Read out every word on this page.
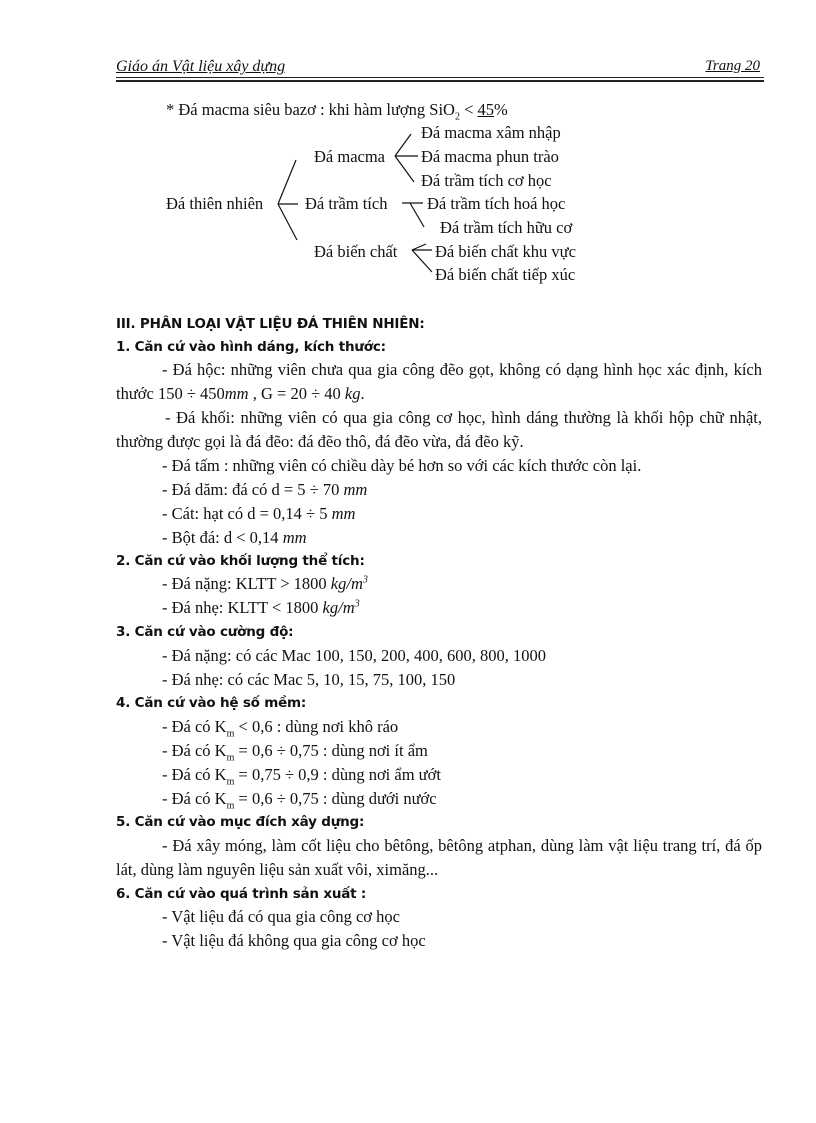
Giáo án Vật liệu xây dựng	Trang 20
* Đá macma siêu bazơ : khi hàm lượng SiO$_2$ < 45%
Đá thiên nhiên
Đá macma
Đá macma xâm nhập
Đá macma phun trào
Đá trầm tích cơ học
Đá trầm tích Đá trầm tích hoá học
Đá trầm tích hữu cơ
Đá biến chất Đá biến chất khu vực
Đá biến chất tiếp xúc
III. PHÂN LOẠI VẬT LIỆU ĐÁ THIÊN NHIÊN:
1. Căn cứ vào hình dáng, kích thước:
- Đá hộc: những viên chưa qua gia công đẽo gọt, không có dạng hình học xác định, kích thước 150 ÷ 450mm , G = 20 ÷ 40 kg.
- Đá khối: những viên có qua gia công cơ học, hình dáng thường là khối hộp chữ nhật, thường được gọi là đá đẽo: đá đẽo thô, đá đẽo vừa, đá đẽo kỹ.
- Đá tấm : những viên có chiều dày bé hơn so với các kích thước còn lại.
- Đá dăm: đá có d = 5 ÷ 70 mm
- Cát: hạt có d = 0,14 ÷ 5 mm
- Bột đá: d < 0,14 mm
2. Căn cứ vào khối lượng thể tích:
- Đá nặng: KLTT > 1800 $kg/m^3$
- Đá nhẹ: KLTT < 1800 $kg/m^3$
3. Căn cứ vào cường độ:
- Đá nặng: có các Mac 100, 150, 200, 400, 600, 800, 1000
- Đá nhẹ: có các Mac 5, 10, 15, 75, 100, 150
4. Căn cứ vào hệ số mềm:
- Đá có $K_m < 0,6$ : dùng nơi khô ráo
- Đá có $K_m = 0,6 \div 0,75$ : dùng nơi ít ẩm
- Đá có $K_m = 0,75 \div 0,9$ : dùng nơi ẩm ướt
- Đá có $K_m = 0,6 \div 0,75$ : dùng dưới nước
5. Căn cứ vào mục đích xây dựng:
- Đá xây móng, làm cốt liệu cho bêtông, bêtông atphan, dùng làm vật liệu trang trí, đá ốp lát, dùng làm nguyên liệu sản xuất vôi, ximăng...
6. Căn cứ vào quá trình sản xuất :
- Vật liệu đá có qua gia công cơ học
- Vật liệu đá không qua gia công cơ học
